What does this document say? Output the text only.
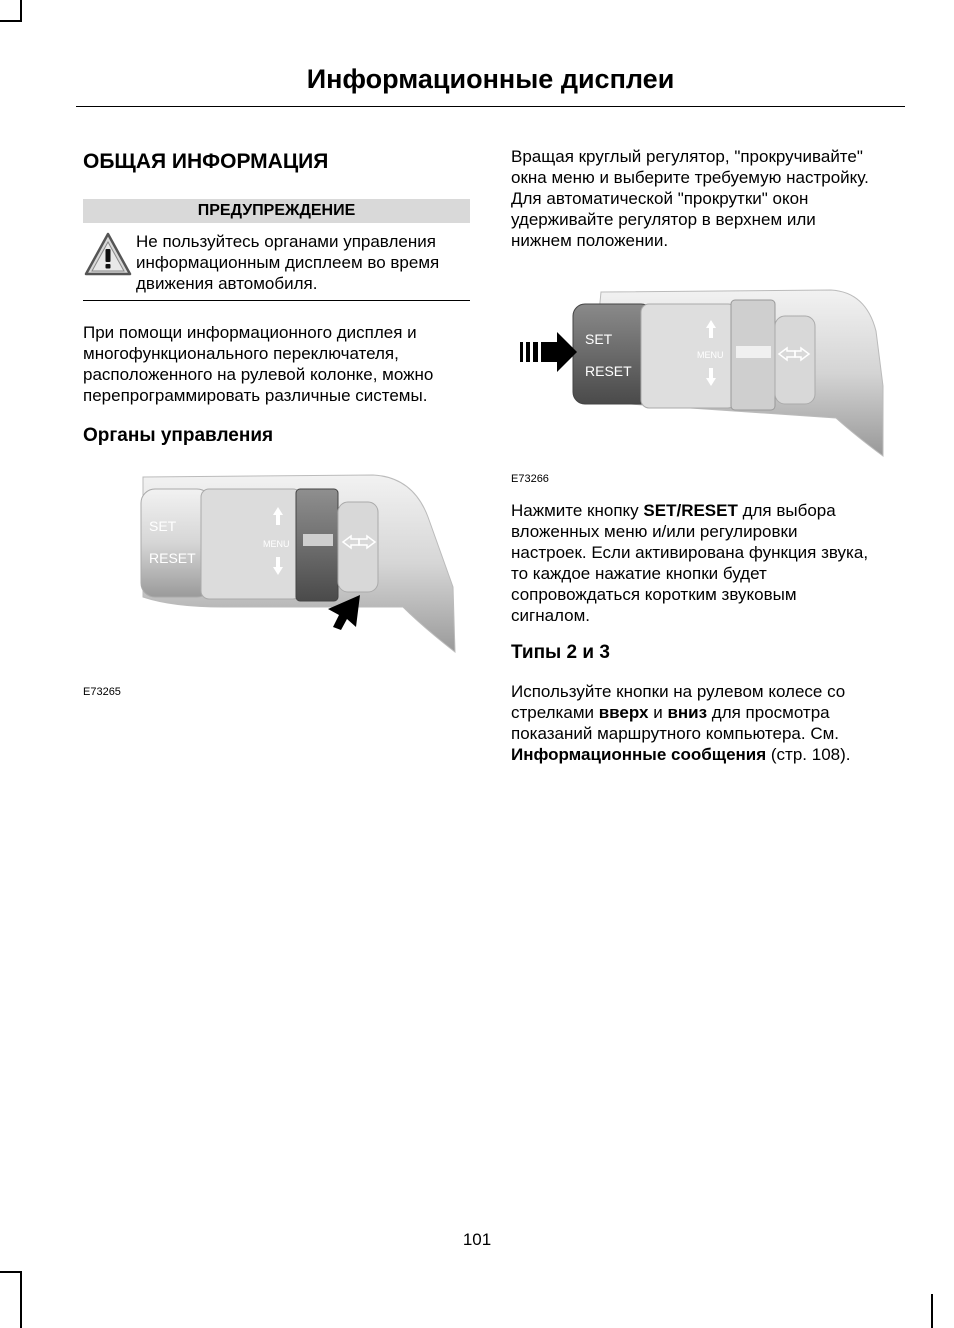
Информационные дисплеи
ОБЩАЯ ИНФОРМАЦИЯ
ПРЕДУПРЕЖДЕНИЕ
Не пользуйтесь органами управления
информационным дисплеем во время
движения автомобиля.
При помощи информационного дисплея и
многофункционального переключателя,
расположенного на рулевой колонке, можно
перепрограммировать различные системы.
Органы управления
SET
RESET
MENU
E73265
Вращая круглый регулятор, "прокручивайте"
окна меню и выберите требуемую настройку.
Для автоматической "прокрутки" окон
удерживайте регулятор в верхнем или
нижнем положении.
SET
RESET
MENU
E73266
Нажмите кнопку SET/RESET для выбора
вложенных меню и/или регулировки
настроек. Если активирована функция звука,
то каждое нажатие кнопки будет
сопровождаться коротким звуковым
сигналом.
Типы 2 и 3
Используйте кнопки на рулевом колесе со
стрелками вверх и вниз для просмотра
показаний маршрутного компьютера. См.
Информационные сообщения (стр. 108).
101
